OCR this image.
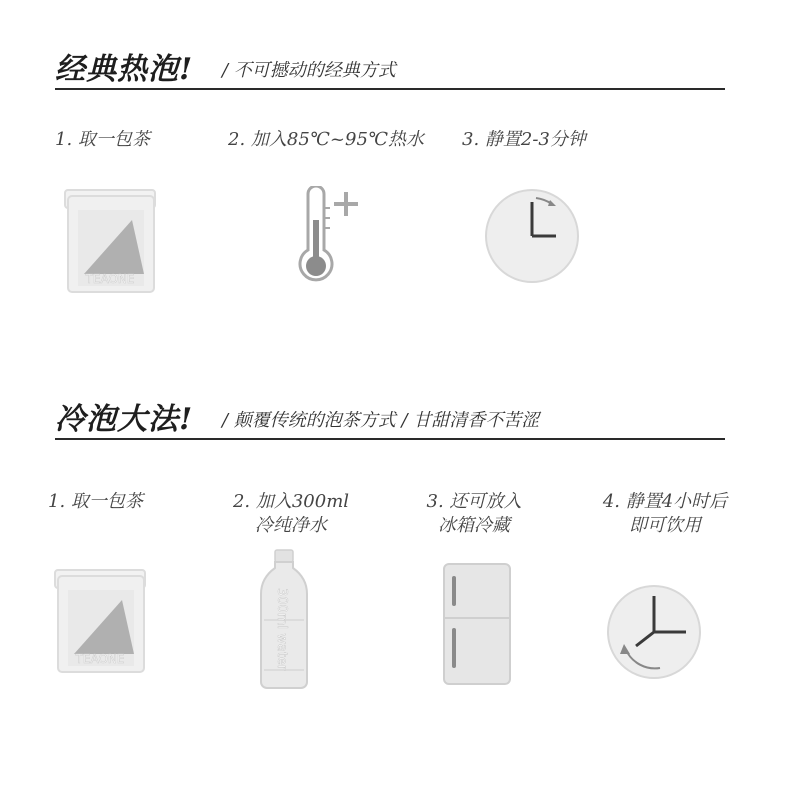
经典热泡! / 不可撼动的经典方式
1. 取一包茶	2. 加入85℃~95℃热水 3. 静置2-3分钟
TEAONE
冷泡大法! / 颠覆传统的泡茶方式 / 甘甜清香不苦涩
1. 取一包茶	2. 加入300ml
冷纯净水
3. 还可放入
冰箱冷藏
4. 静置4小时后
即可饮用
TEAONE	300ml water
